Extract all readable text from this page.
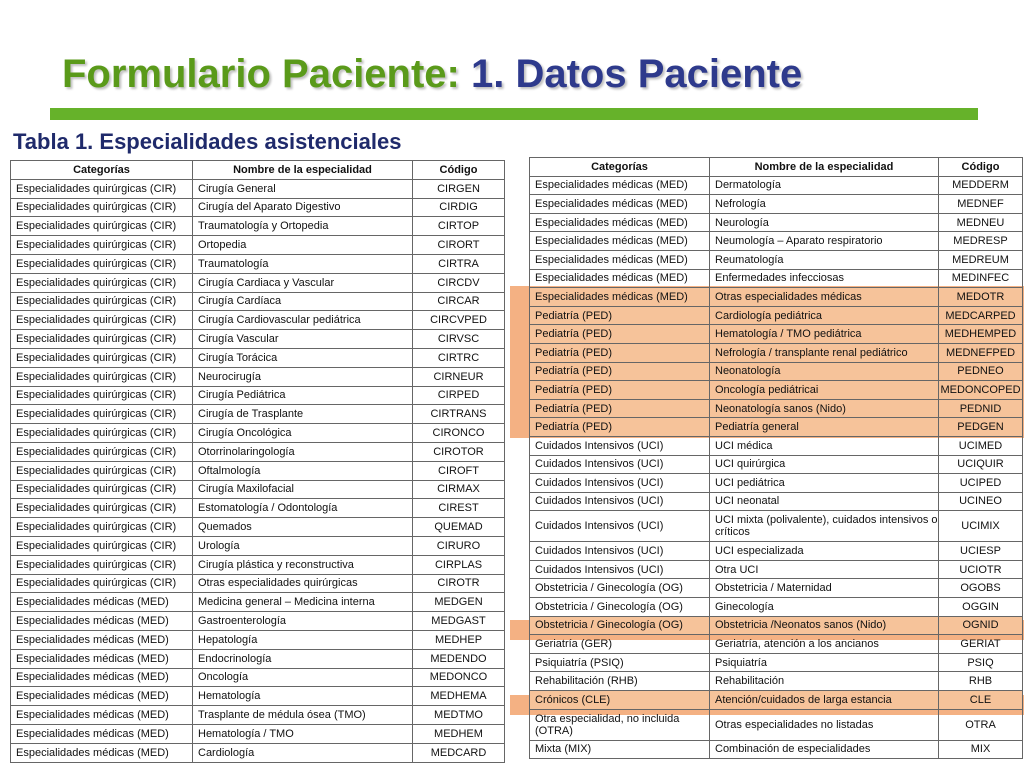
Formulario Paciente: 1. Datos Paciente
Tabla 1. Especialidades asistenciales
Categorías	Nombre de la especialidad	Código
Especialidades quirúrgicas (CIR)	Cirugía General	CIRGEN
Especialidades quirúrgicas (CIR)	Cirugía del Aparato Digestivo	CIRDIG
Especialidades quirúrgicas (CIR)	Traumatología y Ortopedia	CIRTOP
Especialidades quirúrgicas (CIR)	Ortopedia	CIRORT
Especialidades quirúrgicas (CIR)	Traumatología	CIRTRA
Especialidades quirúrgicas (CIR)	Cirugía Cardiaca y Vascular	CIRCDV
Especialidades quirúrgicas (CIR)	Cirugía Cardíaca	CIRCAR
Especialidades quirúrgicas (CIR)	Cirugía Cardiovascular pediátrica	CIRCVPED
Especialidades quirúrgicas (CIR)	Cirugía Vascular	CIRVSC
Especialidades quirúrgicas (CIR)	Cirugía Torácica	CIRTRC
Especialidades quirúrgicas (CIR)	Neurocirugía	CIRNEUR
Especialidades quirúrgicas (CIR)	Cirugía Pediátrica	CIRPED
Especialidades quirúrgicas (CIR)	Cirugía de Trasplante	CIRTRANS
Especialidades quirúrgicas (CIR)	Cirugía Oncológica	CIRONCO
Especialidades quirúrgicas (CIR)	Otorrinolaringología	CIROTOR
Especialidades quirúrgicas (CIR)	Oftalmología	CIROFT
Especialidades quirúrgicas (CIR)	Cirugía Maxilofacial	CIRMAX
Especialidades quirúrgicas (CIR)	Estomatología / Odontología	CIREST
Especialidades quirúrgicas (CIR)	Quemados	QUEMAD
Especialidades quirúrgicas (CIR)	Urología	CIRURO
Especialidades quirúrgicas (CIR)	Cirugía plástica y reconstructiva	CIRPLAS
Especialidades quirúrgicas (CIR)	Otras especialidades quirúrgicas	CIROTR
Especialidades médicas (MED)	Medicina general – Medicina interna	MEDGEN
Especialidades médicas (MED)	Gastroenterología	MEDGAST
Especialidades médicas (MED)	Hepatología	MEDHEP
Especialidades médicas (MED)	Endocrinología	MEDENDO
Especialidades médicas (MED)	Oncología	MEDONCO
Especialidades médicas (MED)	Hematología	MEDHEMA
Especialidades médicas (MED)	Trasplante de médula ósea (TMO)	MEDTMO
Especialidades médicas (MED)	Hematología / TMO	MEDHEM
Especialidades médicas (MED)	Cardiología	MEDCARD
Categorías	Nombre de la especialidad	Código
Especialidades médicas (MED)	Dermatología	MEDDERM
Especialidades médicas (MED)	Nefrología	MEDNEF
Especialidades médicas (MED)	Neurología	MEDNEU
Especialidades médicas (MED)	Neumología – Aparato respiratorio	MEDRESP
Especialidades médicas (MED)	Reumatología	MEDREUM
Especialidades médicas (MED)	Enfermedades infecciosas	MEDINFEC
Especialidades médicas (MED)	Otras especialidades médicas	MEDOTR
Pediatría (PED)	Cardiología pediátrica	MEDCARPED
Pediatría (PED)	Hematología / TMO pediátrica	MEDHEMPED
Pediatría (PED)	Nefrología / transplante renal pediátrico	MEDNEFPED
Pediatría (PED)	Neonatología	PEDNEO
Pediatría (PED)	Oncología pediátricai	MEDONCOPED
Pediatría (PED)	Neonatología sanos (Nido)	PEDNID
Pediatría (PED)	Pediatría general	PEDGEN
Cuidados Intensivos (UCI)	UCI médica	UCIMED
Cuidados Intensivos (UCI)	UCI quirúrgica	UCIQUIR
Cuidados Intensivos (UCI)	UCI pediátrica	UCIPED
Cuidados Intensivos (UCI)	UCI neonatal	UCINEO
Cuidados Intensivos (UCI)	UCI mixta (polivalente), cuidados intensivos o críticos	UCIMIX
Cuidados Intensivos (UCI)	UCI especializada	UCIESP
Cuidados Intensivos (UCI)	Otra UCI	UCIOTR
Obstetricia / Ginecología (OG)	Obstetricia / Maternidad	OGOBS
Obstetricia / Ginecología (OG)	Ginecología	OGGIN
Obstetricia / Ginecología (OG)	Obstetricia /Neonatos sanos (Nido)	OGNID
Geriatría (GER)	Geriatría, atención a los ancianos	GERIAT
Psiquiatría (PSIQ)	Psiquiatría	PSIQ
Rehabilitación (RHB)	Rehabilitación	RHB
Crónicos (CLE)	Atención/cuidados de larga estancia	CLE
Otra especialidad, no incluida (OTRA)	Otras especialidades no listadas	OTRA
Mixta (MIX)	Combinación de especialidades	MIX
